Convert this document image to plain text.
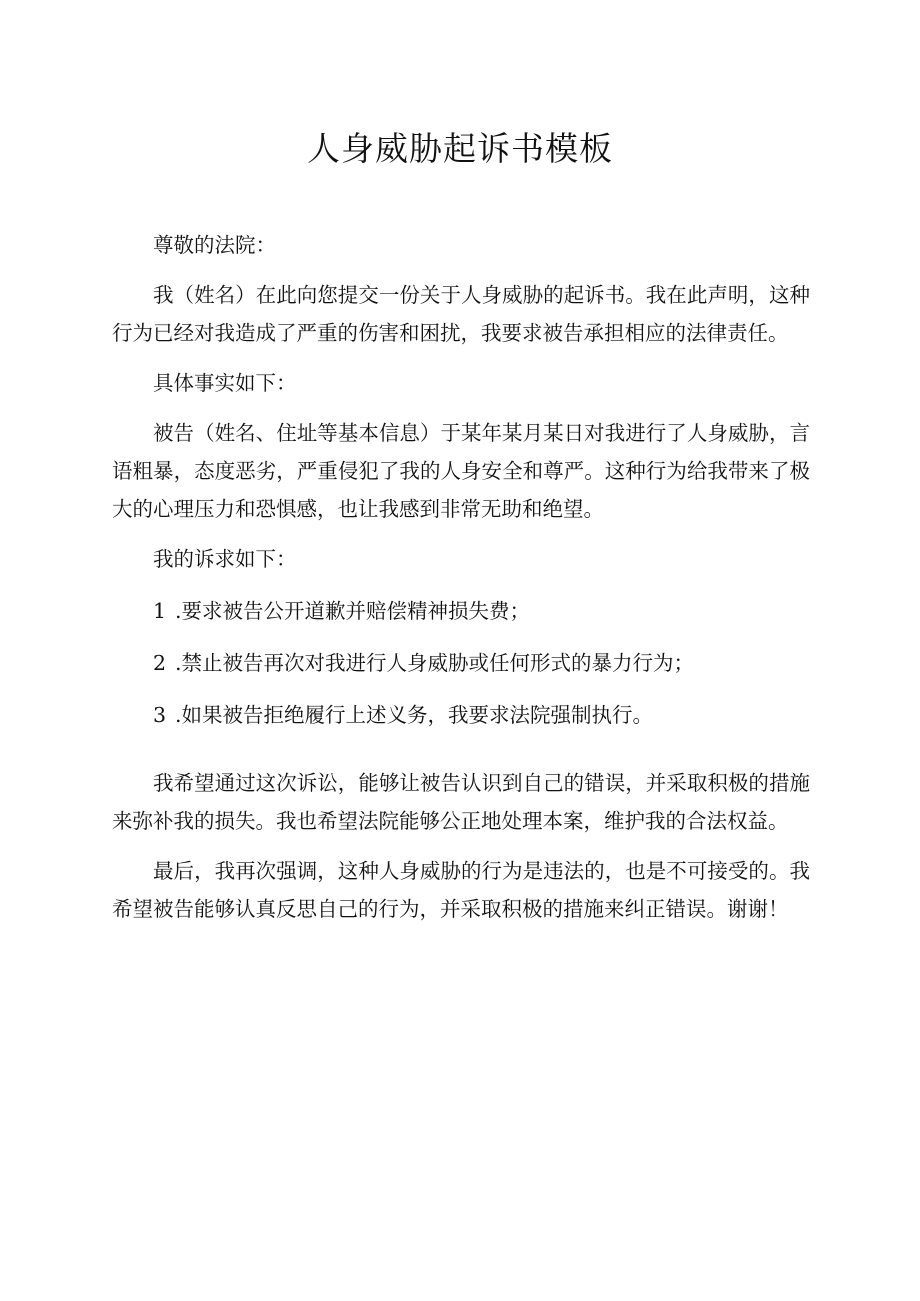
人身威胁起诉书模板

尊敬的法院：

我（姓名）在此向您提交一份关于人身威胁的起诉书。我在此声明，这种行为已经对我造成了严重的伤害和困扰，我要求被告承担相应的法律责任。

具体事实如下：

被告（姓名、住址等基本信息）于某年某月某日对我进行了人身威胁，言语粗暴，态度恶劣，严重侵犯了我的人身安全和尊严。这种行为给我带来了极大的心理压力和恐惧感，也让我感到非常无助和绝望。

我的诉求如下：

1 .要求被告公开道歉并赔偿精神损失费；

2 .禁止被告再次对我进行人身威胁或任何形式的暴力行为；

3 .如果被告拒绝履行上述义务，我要求法院强制执行。

我希望通过这次诉讼，能够让被告认识到自己的错误，并采取积极的措施来弥补我的损失。我也希望法院能够公正地处理本案，维护我的合法权益。

最后，我再次强调，这种人身威胁的行为是违法的，也是不可接受的。我希望被告能够认真反思自己的行为，并采取积极的措施来纠正错误。谢谢！
